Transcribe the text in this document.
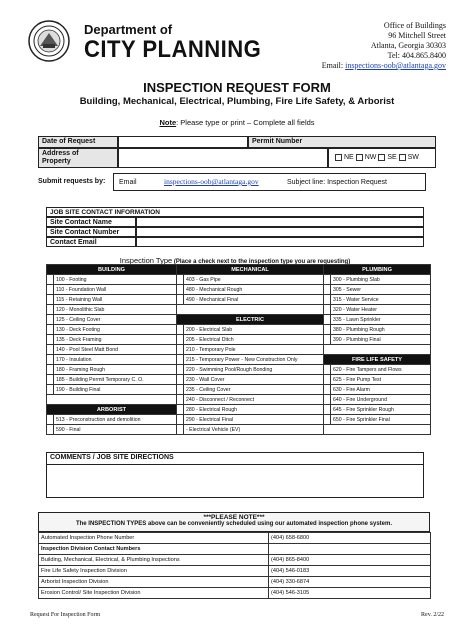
Department of
CITY PLANNING
Office of Buildings
96 Mitchell Street
Atlanta, Georgia 30303
Tel: 404.865.8400
Email: inspections-oob@atlantaga.gov
INSPECTION REQUEST FORM
Building, Mechanical, Electrical, Plumbing, Fire Life Safety, & Arborist
Note: Please type or print – Complete all fields
Date of Request	Permit Number
Address of
Property
NE NW SE SW
Submit requests by: Email	inspections-oob@atlantaga.gov	Subject line: Inspection Request
JOB SITE CONTACT INFORMATION
Site Contact Name
Site Contact Number
Contact Email
Inspection Type (Place a check next to the inspection type you are requesting)
BUILDING		MECHANICAL		PLUMBING	
	100 - Footing		403 - Gas Pipe		300 - Plumbing Slab
	110 - Foundation Wall		480 - Mechanical Rough		305 - Sewer
	115 - Retaining Wall		490 - Mechanical Final		315 - Water Service
	120 - Monolithic Slab				320 - Water Heater
	125 - Ceiling Cover	ELECTRIC			335 - Lawn Sprinkler
	130 - Deck Footing		200 - Electrical Slab		380 - Plumbing Rough
	135 - Deck Framing		205 - Electrical Ditch		390 - Plumbing Final
	140 - Pool Steel Matt Bond		210 - Temporary Pole		
	170 - Insulation		215 - Temporary Power - New Construction Only	FIRE LIFE SAFETY	
	180 - Framing Rough		220 - Swimming Pool/Rough Bonding		620 - Fire Tampers and Flows
	185 - Building Permit Temporary C. O.		230 - Wall Cover		625 - Fire Pump Test
	190 - Building Final		235 - Ceiling Cover		630 - Fire Alarm
			240 - Disconnect / Reconnect		640 - Fire Underground
ARBORIST			280 - Electrical Rough		645 - Fire Sprinkler Rough
	513 - Preconstruction and demolition		290 - Electrical Final		650 - Fire Sprinkler Final
	590 - Final		- Electrical Vehicle (EV)		
COMMENTS / JOB SITE DIRECTIONS
***PLEASE NOTE***
The INSPECTION TYPES above can be conveniently scheduled using our automated inspection phone system.
Automated Inspection Phone Number	(404) 658-6800
Inspection Division Contact Numbers	
Building, Mechanical, Electrical, & Plumbing Inspections	(404) 865-8400
Fire Life Safety Inspection Division	(404) 546-0183
Arborist Inspection Division	(404) 330-6874
Erosion Control/ Site Inspection Division	(404) 546-3105
Request For Inspection Form	Rev. 2/22
